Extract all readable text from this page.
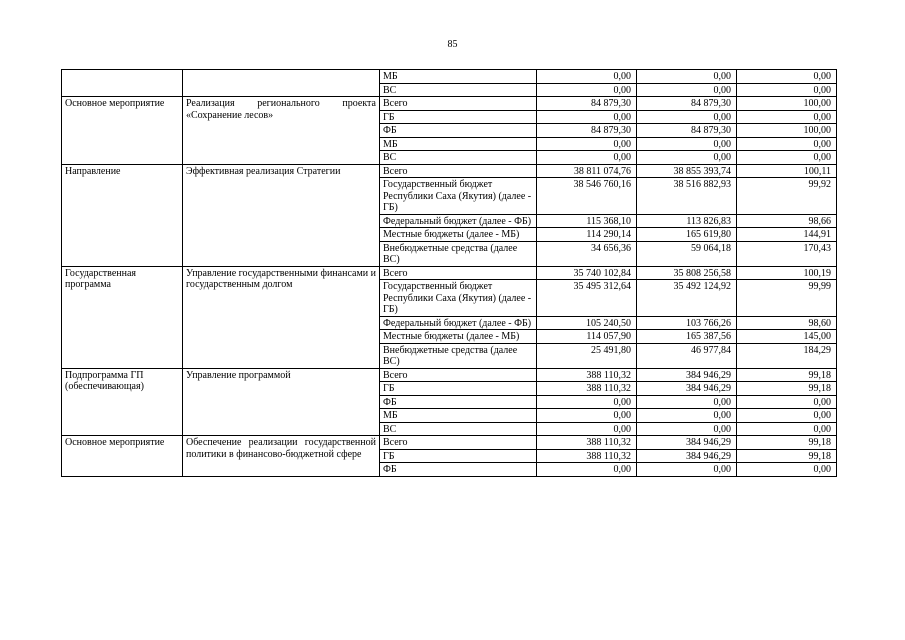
85
		МБ	0,00	0,00	0,00
		ВС	0,00	0,00	0,00
Основное мероприятие	Реализация регионального проекта «Сохранение лесов»	Всего	84 879,30	84 879,30	100,00
		ГБ	0,00	0,00	0,00
		ФБ	84 879,30	84 879,30	100,00
		МБ	0,00	0,00	0,00
		ВС	0,00	0,00	0,00
Направление	Эффективная реализация Стратегии	Всего	38 811 074,76	38 855 393,74	100,11
		Государственный бюджет Республики Саха (Якутия) (далее - ГБ)	38 546 760,16	38 516 882,93	99,92
		Федеральный бюджет (далее - ФБ)	115 368,10	113 826,83	98,66
		Местные бюджеты (далее - МБ)	114 290,14	165 619,80	144,91
		Внебюджетные средства (далее ВС)	34 656,36	59 064,18	170,43
Государственная программа	Управление государственными финансами и государственным долгом	Всего	35 740 102,84	35 808 256,58	100,19
		Государственный бюджет Республики Саха (Якутия) (далее - ГБ)	35 495 312,64	35 492 124,92	99,99
		Федеральный бюджет (далее - ФБ)	105 240,50	103 766,26	98,60
		Местные бюджеты (далее - МБ)	114 057,90	165 387,56	145,00
		Внебюджетные средства (далее ВС)	25 491,80	46 977,84	184,29
Подпрограмма ГП (обеспечивающая)	Управление программой	Всего	388 110,32	384 946,29	99,18
		ГБ	388 110,32	384 946,29	99,18
		ФБ	0,00	0,00	0,00
		МБ	0,00	0,00	0,00
		ВС	0,00	0,00	0,00
Основное мероприятие	Обеспечение реализации государственной политики в финансово-бюджетной сфере	Всего	388 110,32	384 946,29	99,18
		ГБ	388 110,32	384 946,29	99,18
		ФБ	0,00	0,00	0,00
